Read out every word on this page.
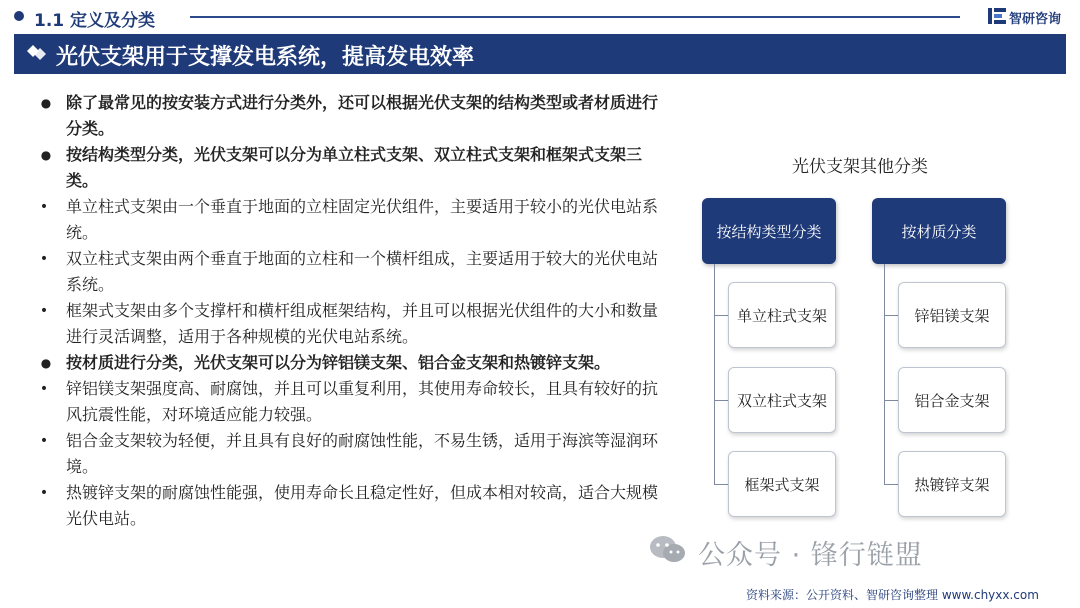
1.1 定义及分类	智研咨询
光伏支架用于支撑发电系统，提高发电效率
● 除了最常见的按安装方式进行分类外，还可以根据光伏支架的结构类型或者材质进行分类。
● 按结构类型分类，光伏支架可以分为单立柱式支架、双立柱式支架和框架式支架三类。
• 单立柱式支架由一个垂直于地面的立柱固定光伏组件，主要适用于较小的光伏电站系统。
• 双立柱式支架由两个垂直于地面的立柱和一个横杆组成，主要适用于较大的光伏电站系统。
• 框架式支架由多个支撑杆和横杆组成框架结构，并且可以根据光伏组件的大小和数量进行灵活调整，适用于各种规模的光伏电站系统。
● 按材质进行分类，光伏支架可以分为锌铝镁支架、铝合金支架和热镀锌支架。
• 锌铝镁支架强度高、耐腐蚀，并且可以重复利用，其使用寿命较长，且具有较好的抗风抗震性能，对环境适应能力较强。
• 铝合金支架较为轻便，并且具有良好的耐腐蚀性能，不易生锈，适用于海滨等湿润环境。
• 热镀锌支架的耐腐蚀性能强，使用寿命长且稳定性好，但成本相对较高，适合大规模光伏电站。
光伏支架其他分类
按结构类型分类
单立柱式支架
双立柱式支架
框架式支架
按材质分类
锌铝镁支架
铝合金支架
热镀锌支架
公众号 · 锋行链盟
资料来源：公开资料、智研咨询整理 www.chyxx.com
